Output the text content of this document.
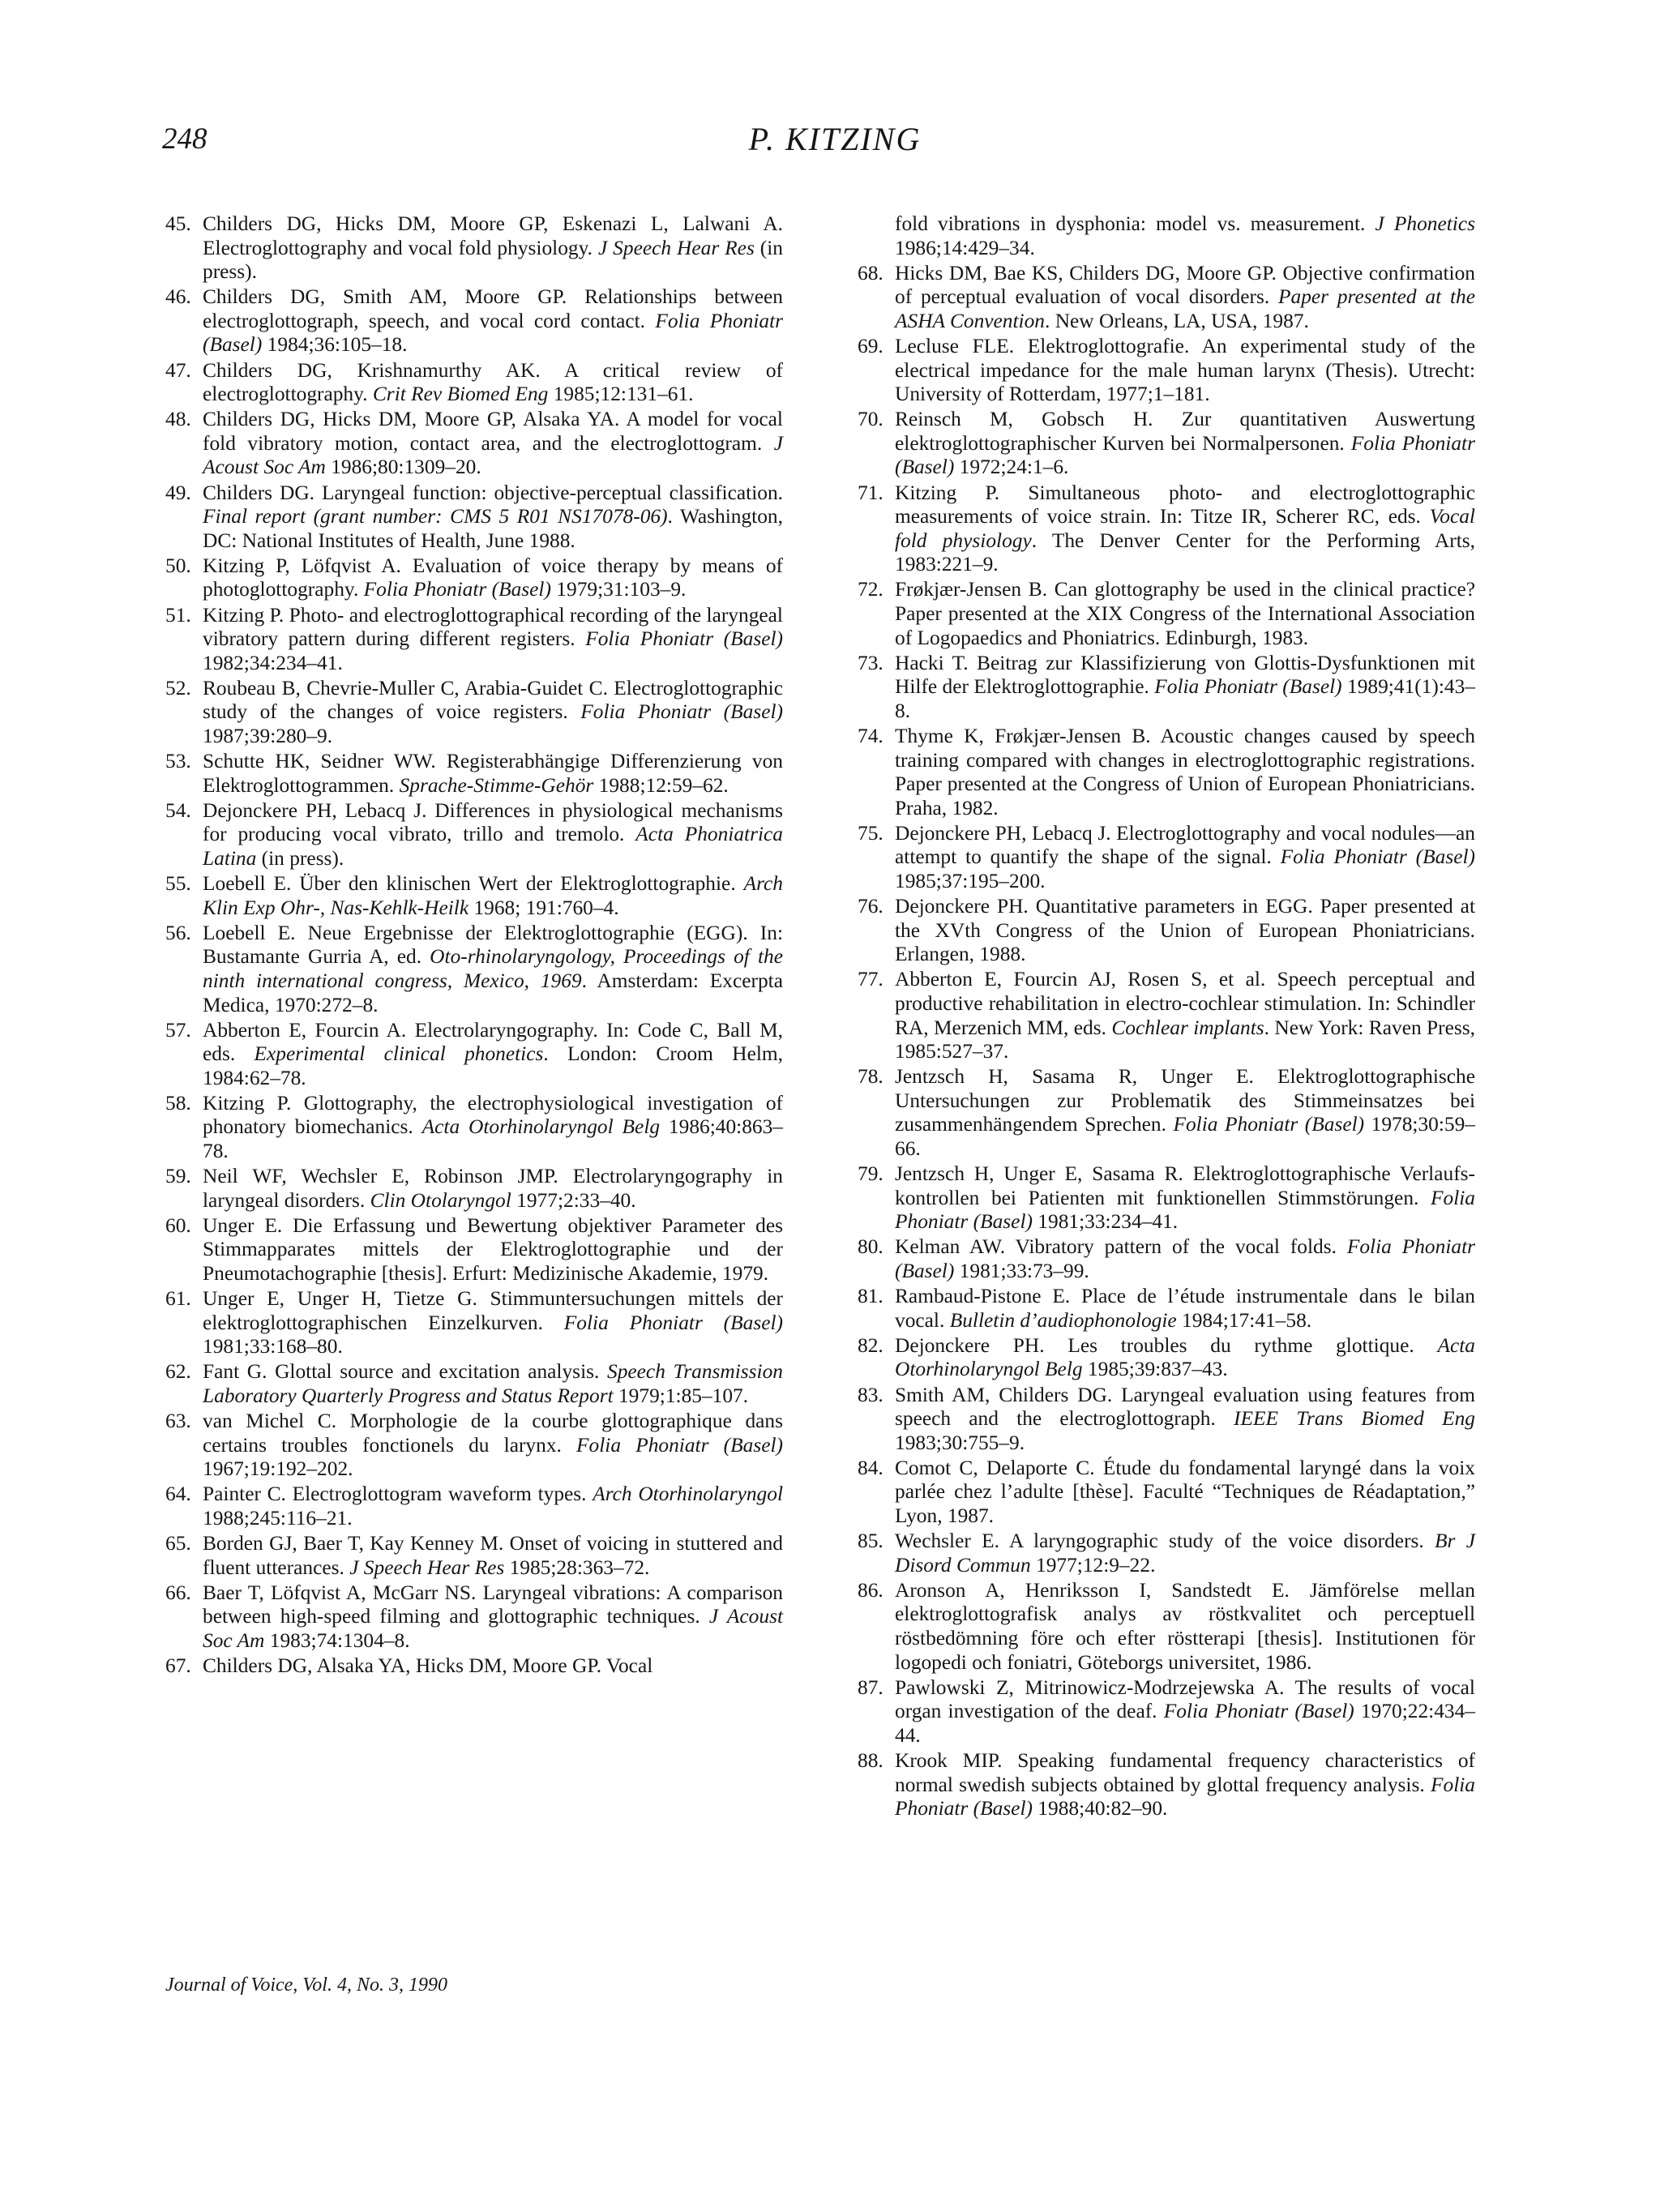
248	P. KITZING
45. Childers DG, Hicks DM, Moore GP, Eskenazi L, Lalwani A. Electroglottography and vocal fold physiology. J Speech Hear Res (in press).
46. Childers DG, Smith AM, Moore GP. Relationships between electroglottograph, speech, and vocal cord contact. Folia Phoniatr (Basel) 1984;36:105–18.
47. Childers DG, Krishnamurthy AK. A critical review of electroglottography. Crit Rev Biomed Eng 1985;12:131–61.
48. Childers DG, Hicks DM, Moore GP, Alsaka YA. A model for vocal fold vibratory motion, contact area, and the electroglottogram. J Acoust Soc Am 1986;80:1309–20.
49. Childers DG. Laryngeal function: objective-perceptual classification. Final report (grant number: CMS 5 R01 NS17078-06). Washington, DC: National Institutes of Health, June 1988.
50. Kitzing P, Löfqvist A. Evaluation of voice therapy by means of photoglottography. Folia Phoniatr (Basel) 1979;31:103–9.
51. Kitzing P. Photo- and electroglottographical recording of the laryngeal vibratory pattern during different registers. Folia Phoniatr (Basel) 1982;34:234–41.
52. Roubeau B, Chevrie-Muller C, Arabia-Guidet C. Electroglottographic study of the changes of voice registers. Folia Phoniatr (Basel) 1987;39:280–9.
53. Schutte HK, Seidner WW. Registerabhängige Differenzierung von Elektroglottogrammen. Sprache-Stimme-Gehör 1988;12:59–62.
54. Dejonckere PH, Lebacq J. Differences in physiological mechanisms for producing vocal vibrato, trillo and tremolo. Acta Phoniatrica Latina (in press).
55. Loebell E. Über den klinischen Wert der Elektroglottographie. Arch Klin Exp Ohr-, Nas-Kehlk-Heilk 1968; 191:760–4.
56. Loebell E. Neue Ergebnisse der Elektroglottographie (EGG). In: Bustamante Gurria A, ed. Oto-rhinolaryngology, Proceedings of the ninth international congress, Mexico, 1969. Amsterdam: Excerpta Medica, 1970:272–8.
57. Abberton E, Fourcin A. Electrolaryngography. In: Code C, Ball M, eds. Experimental clinical phonetics. London: Croom Helm, 1984:62–78.
58. Kitzing P. Glottography, the electrophysiological investigation of phonatory biomechanics. Acta Otorhinolaryngol Belg 1986;40:863–78.
59. Neil WF, Wechsler E, Robinson JMP. Electrolaryngography in laryngeal disorders. Clin Otolaryngol 1977;2:33–40.
60. Unger E. Die Erfassung und Bewertung objektiver Parameter des Stimmapparates mittels der Elektroglottographie und der Pneumotachographie [thesis]. Erfurt: Medizinische Akademie, 1979.
61. Unger E, Unger H, Tietze G. Stimmuntersuchungen mittels der elektroglottographischen Einzelkurven. Folia Phoniatr (Basel) 1981;33:168–80.
62. Fant G. Glottal source and excitation analysis. Speech Transmission Laboratory Quarterly Progress and Status Report 1979;1:85–107.
63. van Michel C. Morphologie de la courbe glottographique dans certains troubles fonctionels du larynx. Folia Phoniatr (Basel) 1967;19:192–202.
64. Painter C. Electroglottogram waveform types. Arch Otorhinolaryngol 1988;245:116–21.
65. Borden GJ, Baer T, Kay Kenney M. Onset of voicing in stuttered and fluent utterances. J Speech Hear Res 1985;28:363–72.
66. Baer T, Löfqvist A, McGarr NS. Laryngeal vibrations: A comparison between high-speed filming and glottographic techniques. J Acoust Soc Am 1983;74:1304–8.
67. Childers DG, Alsaka YA, Hicks DM, Moore GP. Vocal
fold vibrations in dysphonia: model vs. measurement. J Phonetics 1986;14:429–34.
68. Hicks DM, Bae KS, Childers DG, Moore GP. Objective confirmation of perceptual evaluation of vocal disorders. Paper presented at the ASHA Convention. New Orleans, LA, USA, 1987.
69. Lecluse FLE. Elektroglottografie. An experimental study of the electrical impedance for the male human larynx (Thesis). Utrecht: University of Rotterdam, 1977;1–181.
70. Reinsch M, Gobsch H. Zur quantitativen Auswertung elektroglottographischer Kurven bei Normalpersonen. Folia Phoniatr (Basel) 1972;24:1–6.
71. Kitzing P. Simultaneous photo- and electroglottographic measurements of voice strain. In: Titze IR, Scherer RC, eds. Vocal fold physiology. The Denver Center for the Performing Arts, 1983:221–9.
72. Frøkjær-Jensen B. Can glottography be used in the clinical practice? Paper presented at the XIX Congress of the International Association of Logopaedics and Phoniatrics. Edinburgh, 1983.
73. Hacki T. Beitrag zur Klassifizierung von Glottis-Dysfunktionen mit Hilfe der Elektroglottographie. Folia Phoniatr (Basel) 1989;41(1):43–8.
74. Thyme K, Frøkjær-Jensen B. Acoustic changes caused by speech training compared with changes in electroglottographic registrations. Paper presented at the Congress of Union of European Phoniatricians. Praha, 1982.
75. Dejonckere PH, Lebacq J. Electroglottography and vocal nodules—an attempt to quantify the shape of the signal. Folia Phoniatr (Basel) 1985;37:195–200.
76. Dejonckere PH. Quantitative parameters in EGG. Paper presented at the XVth Congress of the Union of European Phoniatricians. Erlangen, 1988.
77. Abberton E, Fourcin AJ, Rosen S, et al. Speech perceptual and productive rehabilitation in electro-cochlear stimulation. In: Schindler RA, Merzenich MM, eds. Cochlear implants. New York: Raven Press, 1985:527–37.
78. Jentzsch H, Sasama R, Unger E. Elektroglottographische Untersuchungen zur Problematik des Stimmeinsatzes bei zusammenhängendem Sprechen. Folia Phoniatr (Basel) 1978;30:59–66.
79. Jentzsch H, Unger E, Sasama R. Elektroglottographische Verlaufs-kontrollen bei Patienten mit funktionellen Stimmstörungen. Folia Phoniatr (Basel) 1981;33:234–41.
80. Kelman AW. Vibratory pattern of the vocal folds. Folia Phoniatr (Basel) 1981;33:73–99.
81. Rambaud-Pistone E. Place de l’étude instrumentale dans le bilan vocal. Bulletin d’audiophonologie 1984;17:41–58.
82. Dejonckere PH. Les troubles du rythme glottique. Acta Otorhinolaryngol Belg 1985;39:837–43.
83. Smith AM, Childers DG. Laryngeal evaluation using features from speech and the electroglottograph. IEEE Trans Biomed Eng 1983;30:755–9.
84. Comot C, Delaporte C. Étude du fondamental laryngé dans la voix parlée chez l’adulte [thèse]. Faculté “Techniques de Réadaptation,” Lyon, 1987.
85. Wechsler E. A laryngographic study of the voice disorders. Br J Disord Commun 1977;12:9–22.
86. Aronson A, Henriksson I, Sandstedt E. Jämförelse mellan elektroglottografisk analys av röstkvalitet och perceptuell röstbedömning före och efter röstterapi [thesis]. Institutionen för logopedi och foniatri, Göteborgs universitet, 1986.
87. Pawlowski Z, Mitrinowicz-Modrzejewska A. The results of vocal organ investigation of the deaf. Folia Phoniatr (Basel) 1970;22:434–44.
88. Krook MIP. Speaking fundamental frequency characteristics of normal swedish subjects obtained by glottal frequency analysis. Folia Phoniatr (Basel) 1988;40:82–90.
Journal of Voice, Vol. 4, No. 3, 1990
